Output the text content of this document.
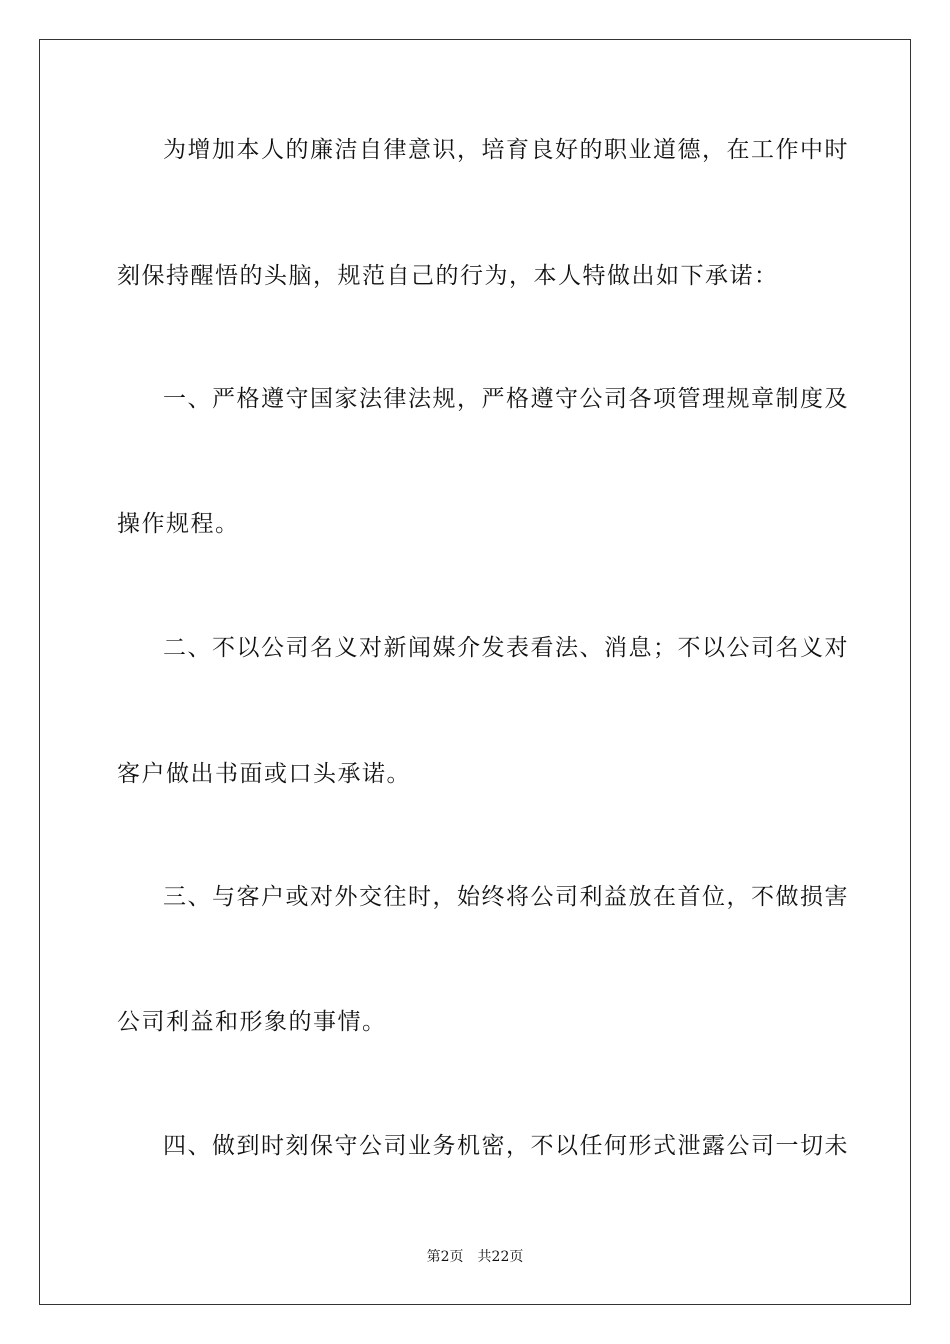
为增加本人的廉洁自律意识，培育良好的职业道德，在工作中时
刻保持醒悟的头脑，规范自己的行为，本人特做出如下承诺：
一、严格遵守国家法律法规，严格遵守公司各项管理规章制度及
操作规程。
二、不以公司名义对新闻媒介发表看法、消息；不以公司名义对
客户做出书面或口头承诺。
三、与客户或对外交往时，始终将公司利益放在首位，不做损害
公司利益和形象的事情。
四、做到时刻保守公司业务机密，不以任何形式泄露公司一切未
第2页 共22页
